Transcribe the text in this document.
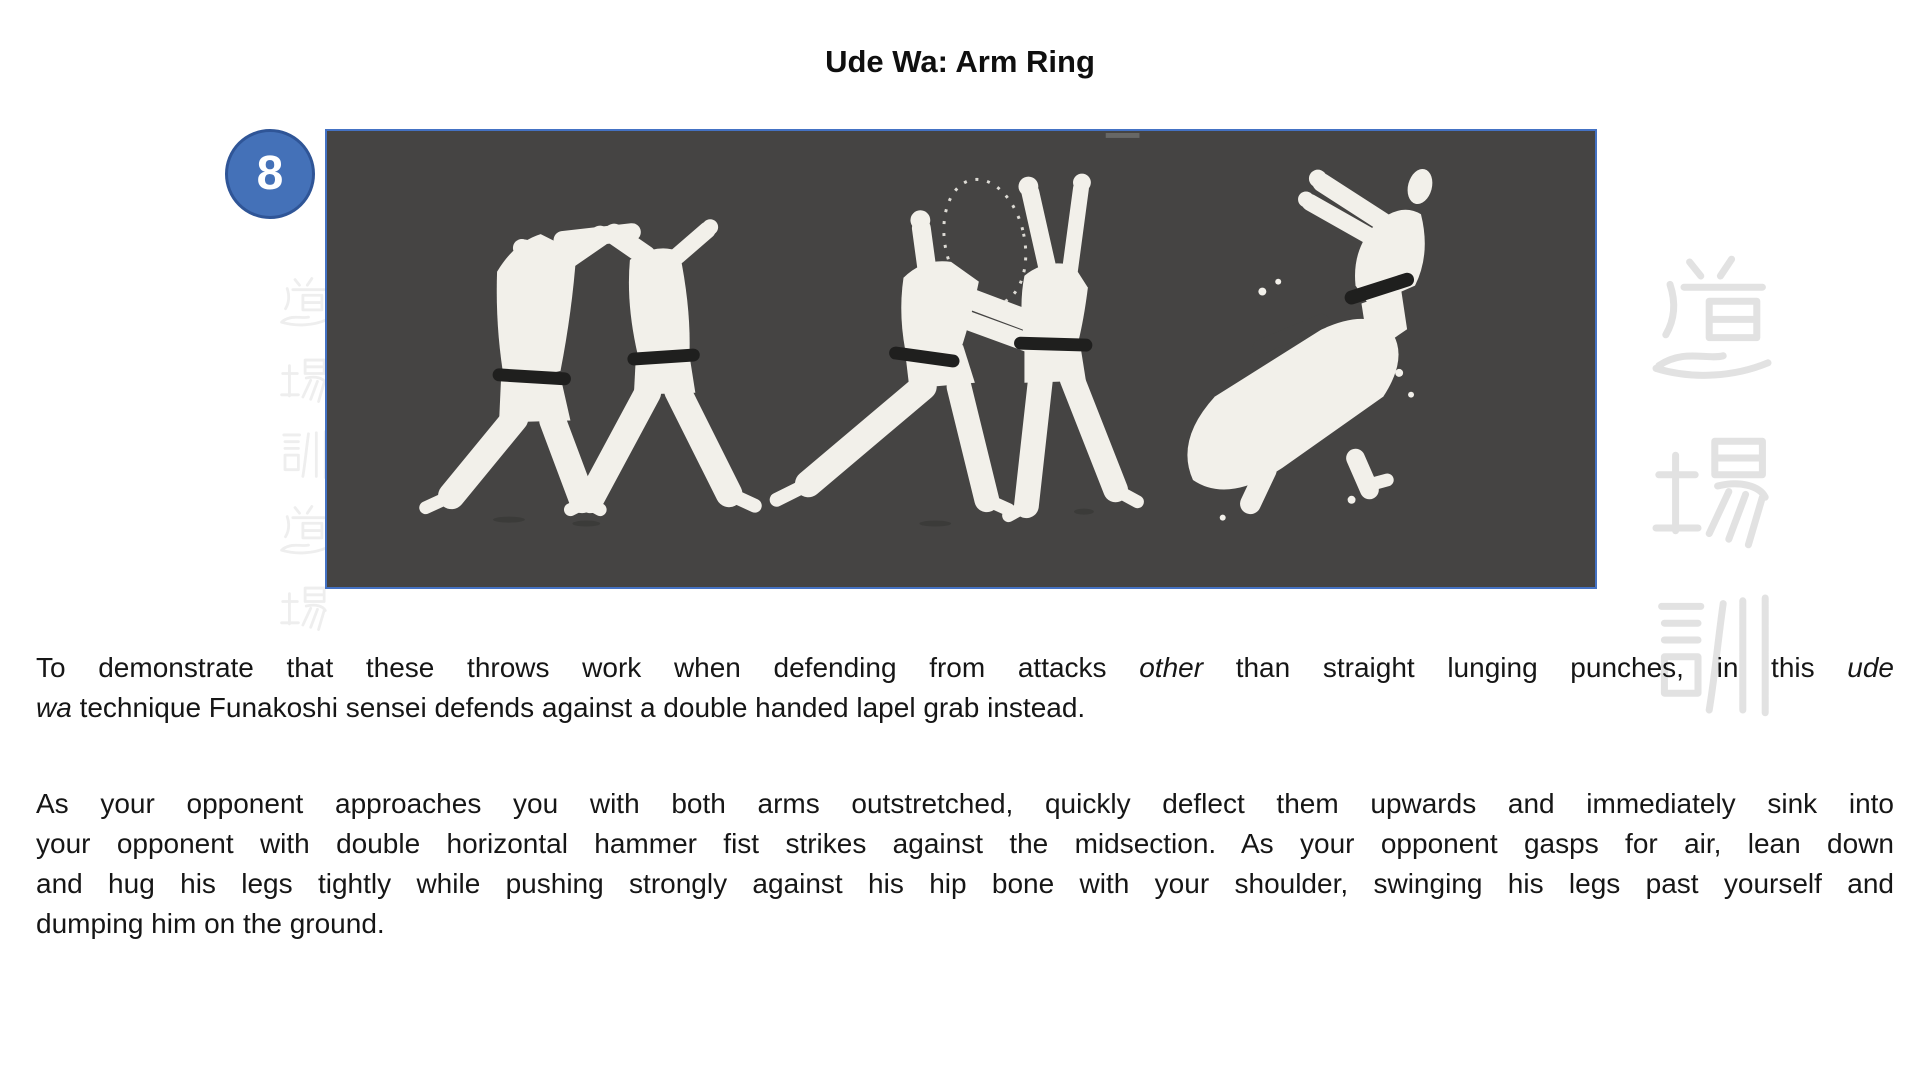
Ude Wa: Arm Ring
8
To demonstrate that these throws work when defending from attacks other than straight lunging punches, in this ude
wa technique Funakoshi sensei defends against a double handed lapel grab instead.
As your opponent approaches you with both arms outstretched, quickly deflect them upwards and immediately sink into
your opponent with double horizontal hammer fist strikes against the midsection. As your opponent gasps for air, lean down
and hug his legs tightly while pushing strongly against his hip bone with your shoulder, swinging his legs past yourself and
dumping him on the ground.
